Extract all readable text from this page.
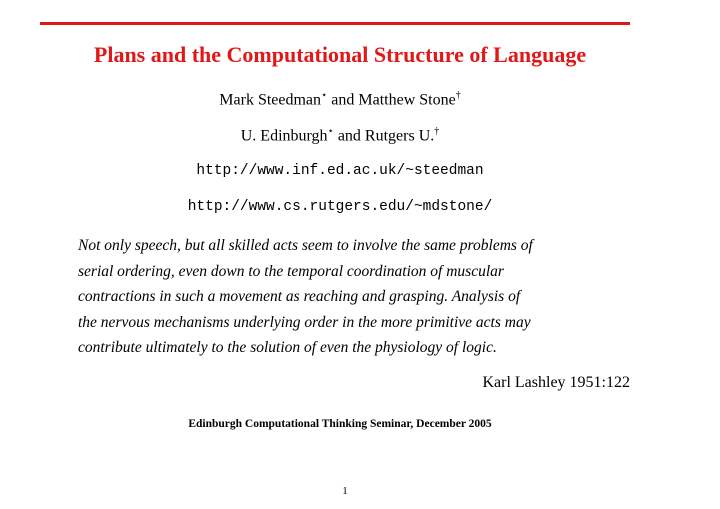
Plans and the Computational Structure of Language
Mark Steedman⋆ and Matthew Stone†
U. Edinburgh⋆ and Rutgers U.†
http://www.inf.ed.ac.uk/~steedman
http://www.cs.rutgers.edu/~mdstone/

Not only speech, but all skilled acts seem to involve the same problems of

serial ordering, even down to the temporal coordination of muscular

contractions in such a movement as reaching and grasping. Analysis of

the nervous mechanisms underlying order in the more primitive acts may

contribute ultimately to the solution of even the physiology of logic.

Karl Lashley 1951:122
Edinburgh Computational Thinking Seminar, December 2005
1
